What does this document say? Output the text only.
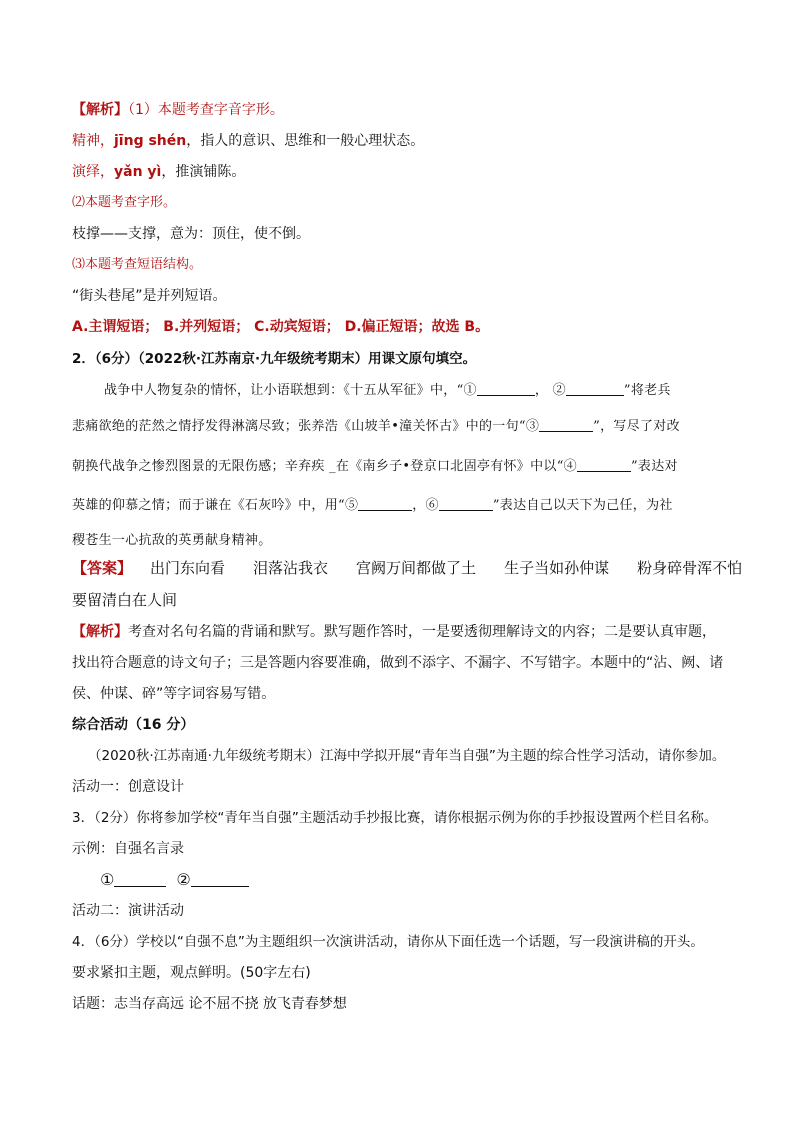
【解析】（1）本题考查字音字形。
精神，jīng shén，指人的意识、思维和一般心理状态。
演绎，yǎn yì，推演铺陈。
⑵本题考查字形。
枝撑——支撑，意为：顶住，使不倒。
⑶本题考查短语结构。
“街头巷尾”是并列短语。
A.主谓短语； B.并列短语； C.动宾短语； D.偏正短语；故选 B。
2．（6分）（2022秋·江苏南京·九年级统考期末）用课文原句填空。
战争中人物复杂的情怀，让小语联想到：《十五从军征》中，“①	， ②	”将老兵
悲痛欲绝的茫然之情抒发得淋漓尽致；张养浩《山坡羊•潼关怀古》中的一句“③	”，写尽了对改
朝换代战争之惨烈图景的无限伤感；辛弃疾 _在《南乡子•登京口北固亭有怀》中以“④	”表达对
英雄的仰慕之情；而于谦在《石灰吟》中，用“⑤	，⑥	”表达自己以天下为己任，为社
稷苍生一心抗敌的英勇献身精神。
【答案】 出门东向看 泪落沾我衣 宫阙万间都做了土 生子当如孙仲谋 粉身碎骨浑不怕
要留清白在人间
【解析】考查对名句名篇的背诵和默写。默写题作答时，一是要透彻理解诗文的内容；二是要认真审题，
找出符合题意的诗文句子；三是答题内容要准确，做到不添字、不漏字、不写错字。本题中的“沾、阙、诸
侯、仲谋、碎”等字词容易写错。
综合活动（16 分）
（2020秋·江苏南通·九年级统考期末）江海中学拟开展“青年当自强”为主题的综合性学习活动，请你参加。
活动一：创意设计
3．（2分）你将参加学校“青年当自强”主题活动手抄报比赛，请你根据示例为你的手抄报设置两个栏目名称。
示例：自强名言录
①	②
活动二：演讲活动
4．（6分）学校以“自强不息”为主题组织一次演讲活动，请你从下面任选一个话题，写一段演讲稿的开头。
要求紧扣主题，观点鲜明。(50字左右)
话题：志当存高远 论不屈不挠 放飞青春梦想
